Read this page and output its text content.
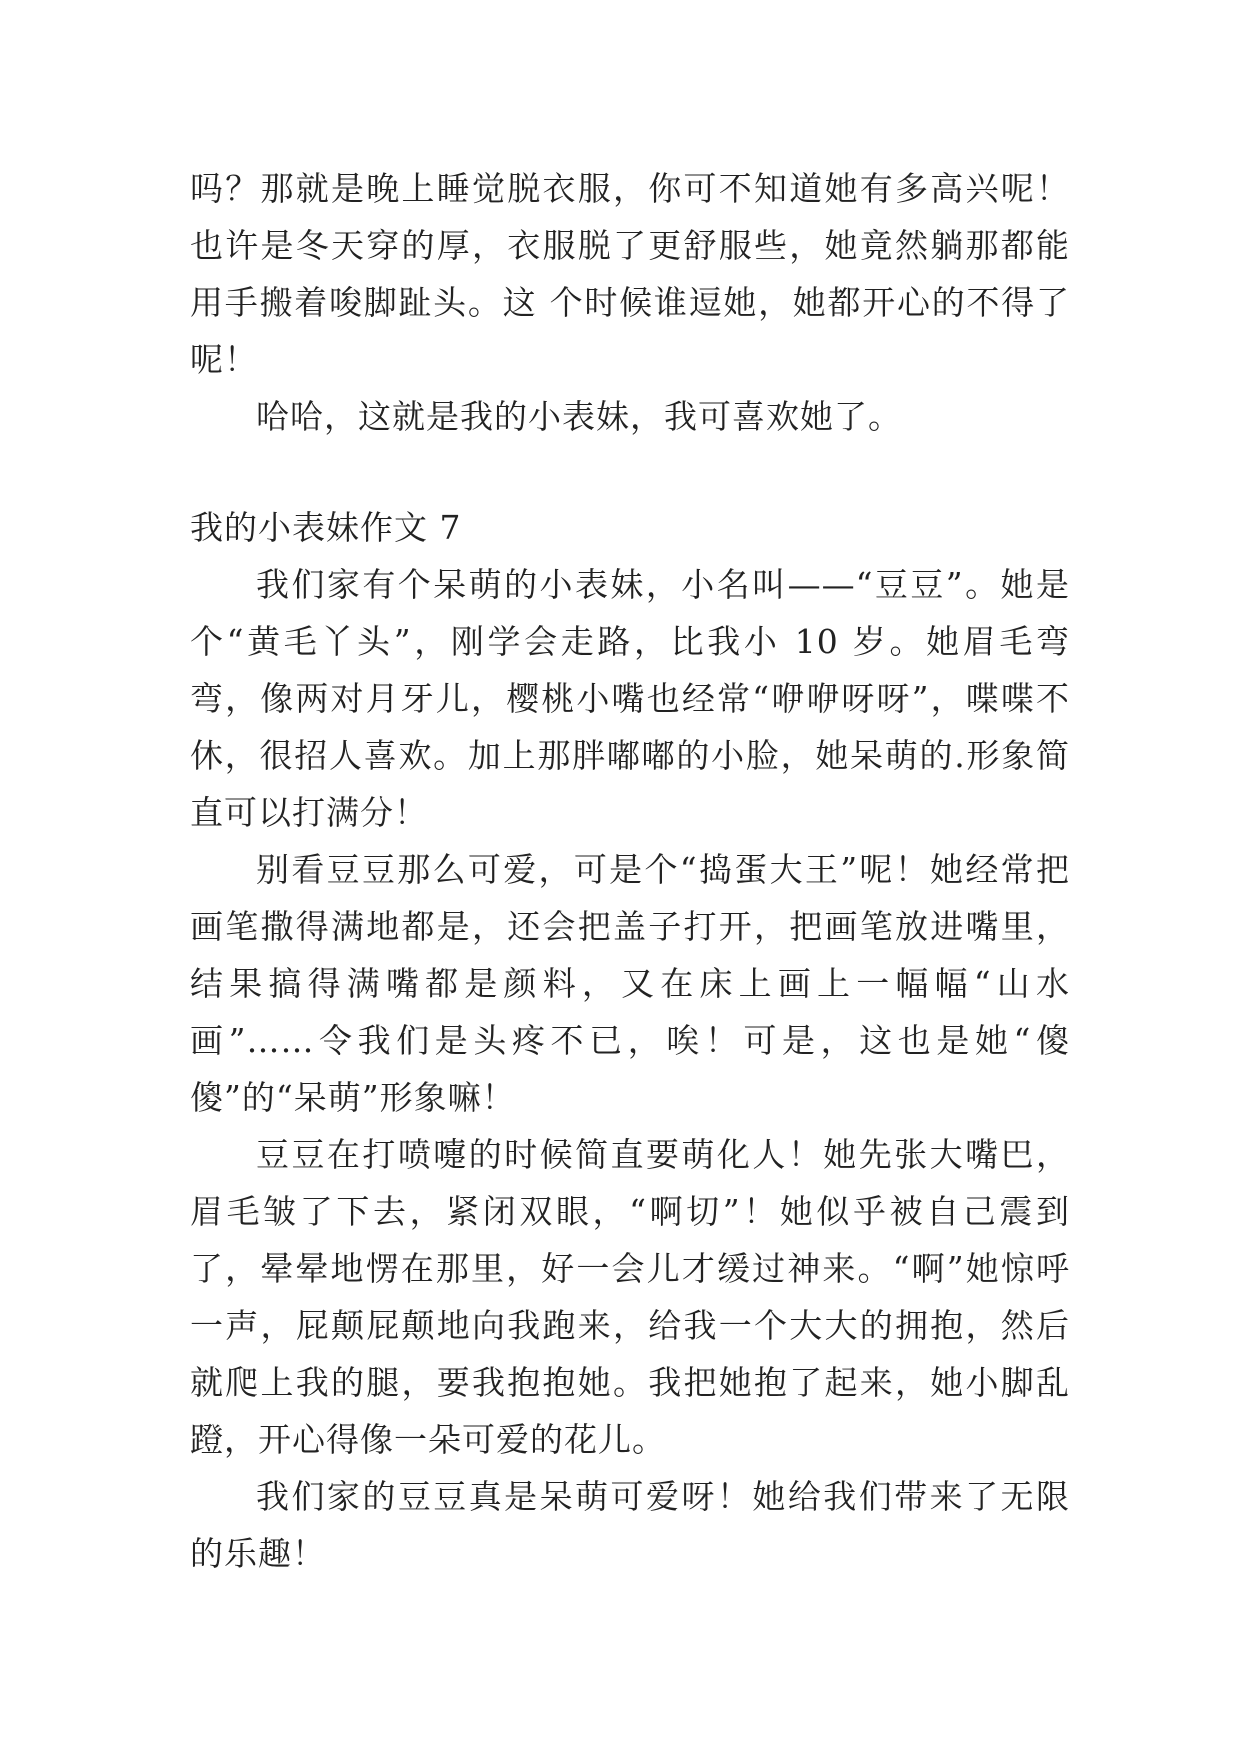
吗？那就是晚上睡觉脱衣服，你可不知道她有多高兴呢！也许是冬天穿的厚，衣服脱了更舒服些，她竟然躺那都能用手搬着唆脚趾头。这 个时候谁逗她，她都开心的不得了呢！

哈哈，这就是我的小表妹，我可喜欢她了。

我的小表妹作文 7

我们家有个呆萌的小表妹，小名叫——“豆豆”。她是个“黄毛丫头”，刚学会走路，比我小 10 岁。她眉毛弯弯，像两对月牙儿，樱桃小嘴也经常“咿咿呀呀”，喋喋不休，很招人喜欢。加上那胖嘟嘟的小脸，她呆萌的.形象简直可以打满分！

别看豆豆那么可爱，可是个“捣蛋大王”呢！她经常把画笔撒得满地都是，还会把盖子打开，把画笔放进嘴里，结果搞得满嘴都是颜料，又在床上画上一幅幅“山水画”……令我们是头疼不已，唉！可是，这也是她“傻傻”的“呆萌”形象嘛！

豆豆在打喷嚏的时候简直要萌化人！她先张大嘴巴，眉毛皱了下去，紧闭双眼，“啊切”！她似乎被自己震到了，晕晕地愣在那里，好一会儿才缓过神来。“啊”她惊呼一声，屁颠屁颠地向我跑来，给我一个大大的拥抱，然后就爬上我的腿，要我抱抱她。我把她抱了起来，她小脚乱蹬，开心得像一朵可爱的花儿。

我们家的豆豆真是呆萌可爱呀！她给我们带来了无限的乐趣！
